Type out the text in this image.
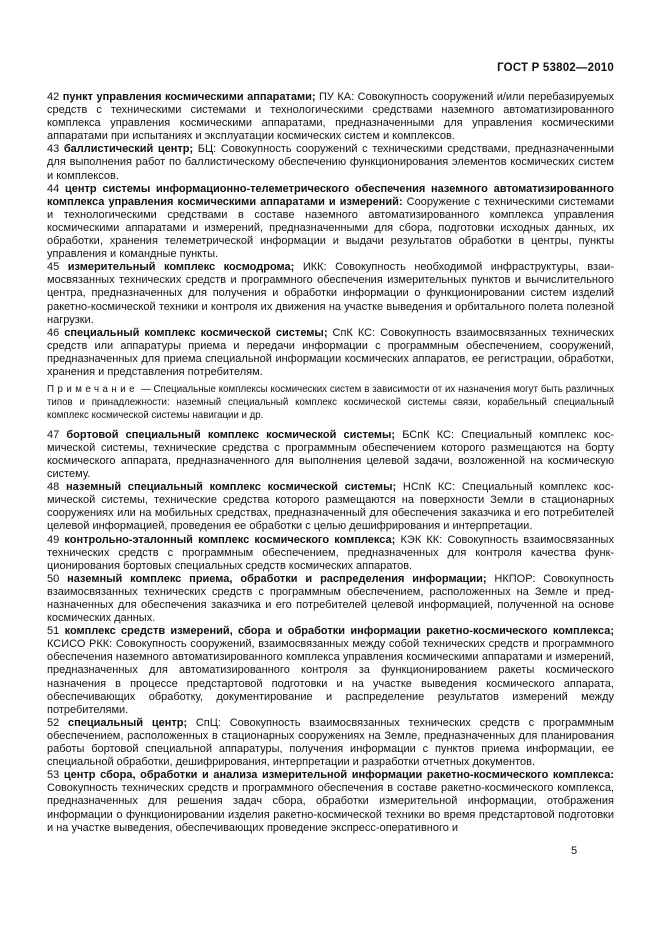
ГОСТ Р 53802—2010

42 пункт управления космическими аппаратами; ПУ КА: Совокупность сооружений и/или перебазируемых средств с техническими системами и технологическими средствами наземного автоматизированного комплекса управления космическими аппаратами, предназначенными для управления космическими аппаратами при испытаниях и эксплуатации космических систем и комплексов.

43 баллистический центр; БЦ: Совокупность сооружений с техническими средствами, предназначенными для выполнения работ по баллистическому обеспечению функционирования элементов космических систем и комплексов.

44 центр системы информационно-телеметрического обеспечения наземного автоматизированного комплекса управления космическими аппаратами и измерений: Сооружение с техническими системами и технологическими средствами в составе наземного автоматизированного комплекса управления космическими аппаратами и измерений, предназначенными для сбора, подготовки исходных данных, их обработки, хранения телеметрической информации и выдачи результатов обработки в центры, пункты управления и командные пункты.

45 измерительный комплекс космодрома; ИКК: Совокупность необходимой инфраструктуры, взаимосвязанных технических средств и программного обеспечения измерительных пунктов и вычислительного центра, предназначенных для получения и обработки информации о функционировании систем изделий ракетно-космической техники и контроля их движения на участке выведения и орбитального полета полезной нагрузки.

46 специальный комплекс космической системы; СпК КС: Совокупность взаимосвязанных технических средств или аппаратуры приема и передачи информации с программным обеспечением, сооружений, предназначенных для приема специальной информации космических аппаратов, ее регистрации, обработки, хранения и представления потребителям.

Примечание — Специальные комплексы космических систем в зависимости от их назначения могут быть различных типов и принадлежности: наземный специальный комплекс космической системы связи, корабельный специальный комплекс космической системы навигации и др.

47 бортовой специальный комплекс космической системы; БСпК КС: Специальный комплекс космической системы, технические средства с программным обеспечением которого размещаются на борту космического аппарата, предназначенного для выполнения целевой задачи, возложенной на космическую систему.

48 наземный специальный комплекс космической системы; НСпК КС: Специальный комплекс космической системы, технические средства которого размещаются на поверхности Земли в стационарных сооружениях или на мобильных средствах, предназначенный для обеспечения заказчика и его потребителей целевой информацией, проведения ее обработки с целью дешифрирования и интерпретации.

49 контрольно-эталонный комплекс космического комплекса; КЭК КК: Совокупность взаимосвязанных технических средств с программным обеспечением, предназначенных для контроля качества функционирования бортовых специальных средств космических аппаратов.

50 наземный комплекс приема, обработки и распределения информации; НКПОР: Совокупность взаимосвязанных технических средств с программным обеспечением, расположенных на Земле и предназначенных для обеспечения заказчика и его потребителей целевой информацией, полученной на основе космических данных.

51 комплекс средств измерений, сбора и обработки информации ракетно-космического комплекса; КСИСО РКК: Совокупность сооружений, взаимосвязанных между собой технических средств и программного обеспечения наземного автоматизированного комплекса управления космическими аппаратами и измерений, предназначенных для автоматизированного контроля за функционированием ракеты космического назначения в процессе предстартовой подготовки и на участке выведения космического аппарата, обеспечивающих обработку, документирование и распределение результатов измерений между потребителями.

52 специальный центр; СпЦ: Совокупность взаимосвязанных технических средств с программным обеспечением, расположенных в стационарных сооружениях на Земле, предназначенных для планирования работы бортовой специальной аппаратуры, получения информации с пунктов приема информации, ее специальной обработки, дешифрирования, интерпретации и разработки отчетных документов.

53 центр сбора, обработки и анализа измерительной информации ракетно-космического комплекса: Совокупность технических средств и программного обеспечения в составе ракетно-космического комплекса, предназначенных для решения задач сбора, обработки измерительной информации, отображения информации о функционировании изделия ракетно-космической техники во время предстартовой подготовки и на участке выведения, обеспечивающих проведение экспресс-оперативного и

5
